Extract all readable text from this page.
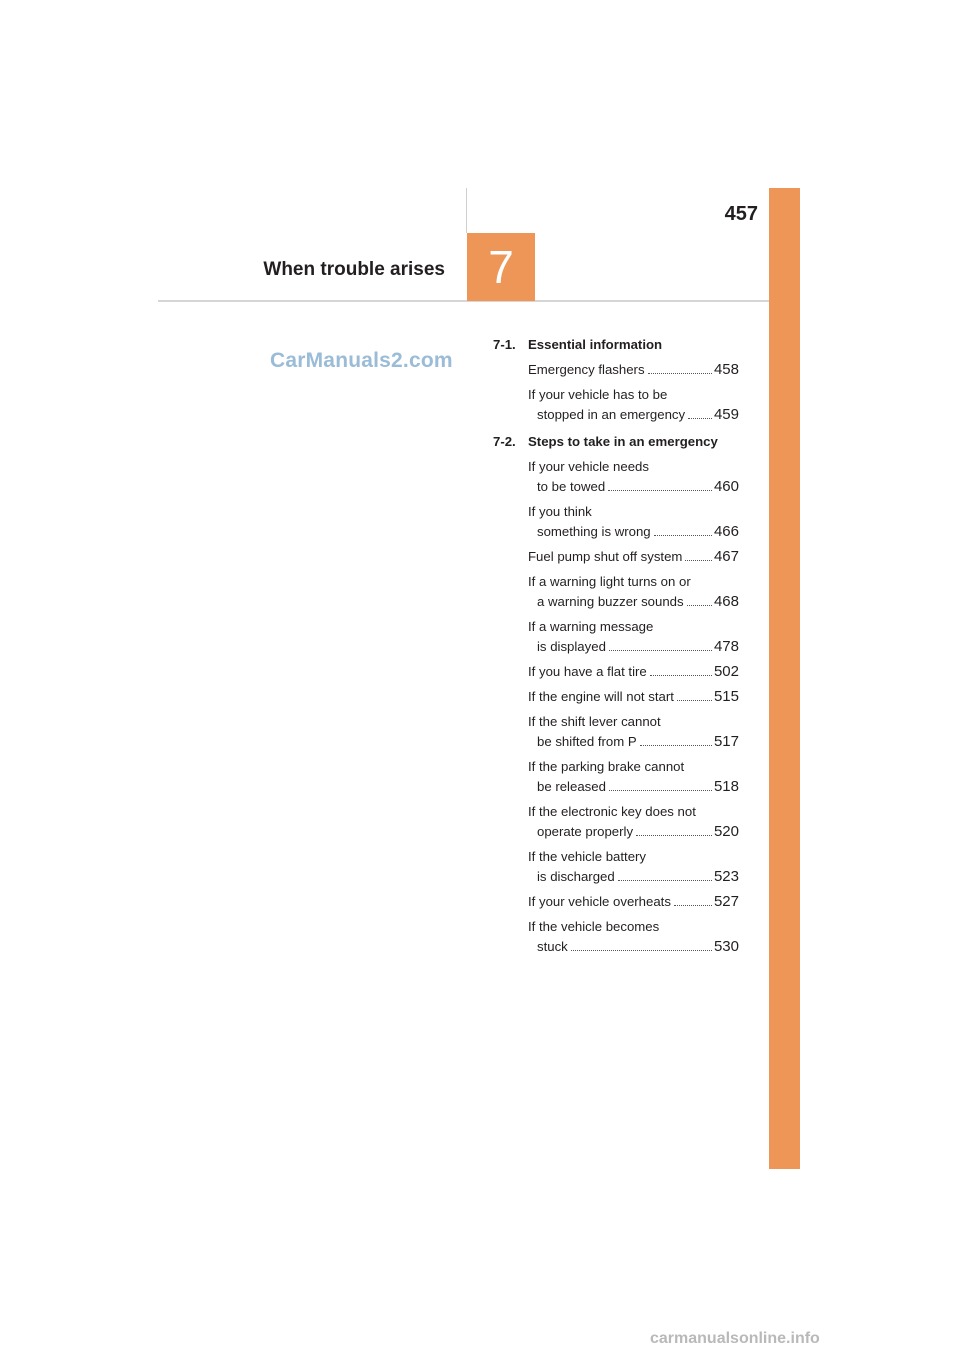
457
When trouble arises 7
CarManuals2.com
7-1. Essential information
Emergency flashers	458
If your vehicle has to be
stopped in an emergency 459
7-2. Steps to take in an emergency
If your vehicle needs
to be towed	460
If you think
something is wrong	466
Fuel pump shut off system 467
If a warning light turns on or
a warning buzzer sounds 468
If a warning message
is displayed	478
If you have a flat tire	502
If the engine will not start	515
If the shift lever cannot
be shifted from P	517
If the parking brake cannot
be released	518
If the electronic key does not
operate properly	520
If the vehicle battery
is discharged	523
If your vehicle overheats	527
If the vehicle becomes
stuck	530
carmanualsonline.info
